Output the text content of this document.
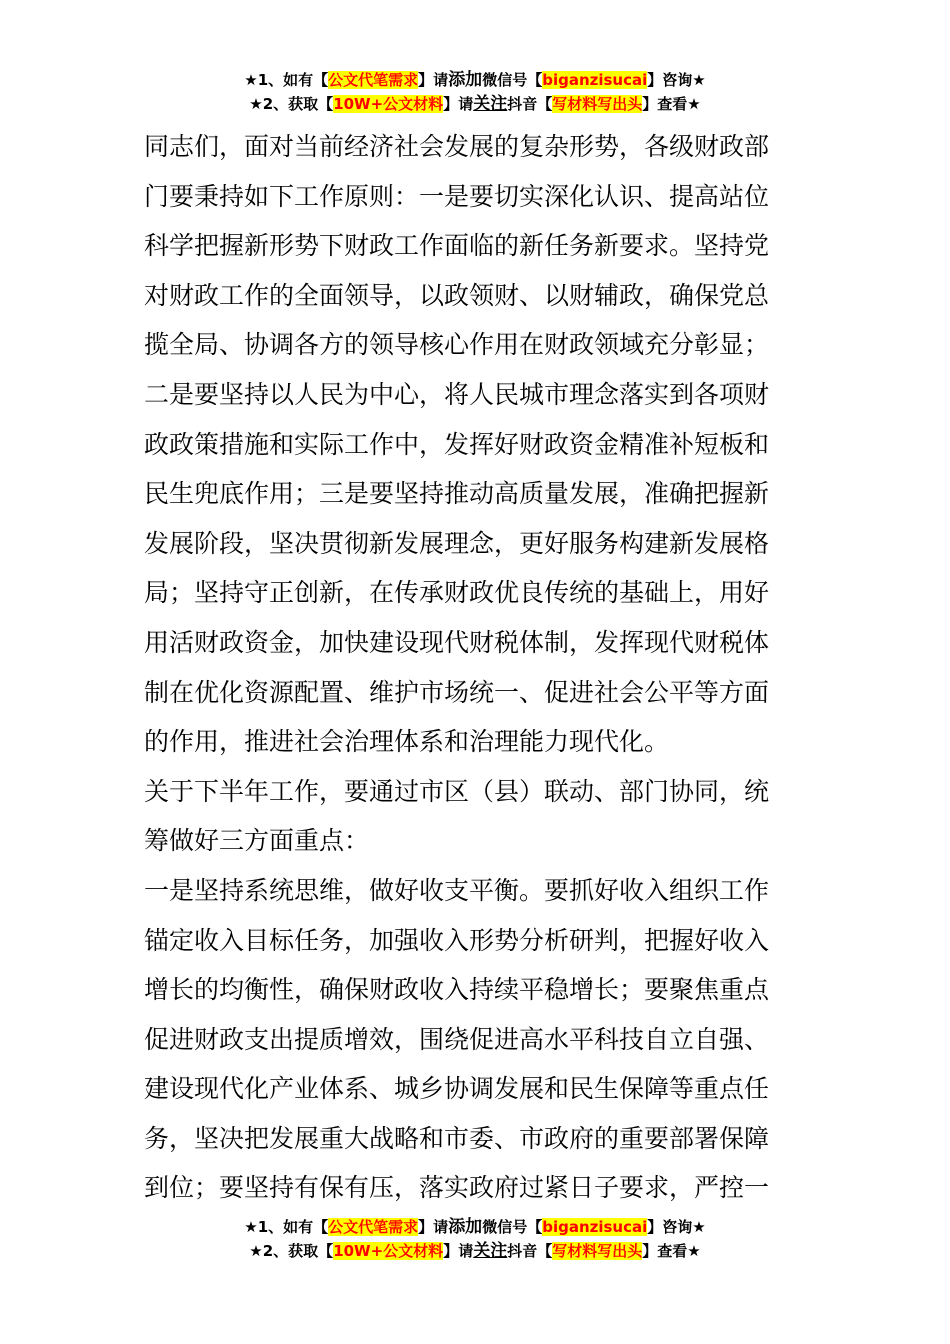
★1、如有【公文代笔需求】请添加微信号【biganzisucai】咨询★
★2、获取【10W+公文材料】请关注抖音【写材料写出头】查看★

同志们，面对当前经济社会发展的复杂形势，各级财政部

门要秉持如下工作原则：一是要切实深化认识、提高站位

科学把握新形势下财政工作面临的新任务新要求。坚持党

对财政工作的全面领导，以政领财、以财辅政，确保党总

揽全局、协调各方的领导核心作用在财政领域充分彰显；

二是要坚持以人民为中心，将人民城市理念落实到各项财

政政策措施和实际工作中，发挥好财政资金精准补短板和

民生兜底作用；三是要坚持推动高质量发展，准确把握新

发展阶段，坚决贯彻新发展理念，更好服务构建新发展格

局；坚持守正创新，在传承财政优良传统的基础上，用好

用活财政资金，加快建设现代财税体制，发挥现代财税体

制在优化资源配置、维护市场统一、促进社会公平等方面

的作用，推进社会治理体系和治理能力现代化。

关于下半年工作，要通过市区（县）联动、部门协同，统

筹做好三方面重点：

一是坚持系统思维，做好收支平衡。要抓好收入组织工作

锚定收入目标任务，加强收入形势分析研判，把握好收入

增长的均衡性，确保财政收入持续平稳增长；要聚焦重点

促进财政支出提质增效，围绕促进高水平科技自立自强、

建设现代化产业体系、城乡协调发展和民生保障等重点任

务，坚决把发展重大战略和市委、市政府的重要部署保障

到位；要坚持有保有压，落实政府过紧日子要求，严控一

★1、如有【公文代笔需求】请添加微信号【biganzisucai】咨询★
★2、获取【10W+公文材料】请关注抖音【写材料写出头】查看★
